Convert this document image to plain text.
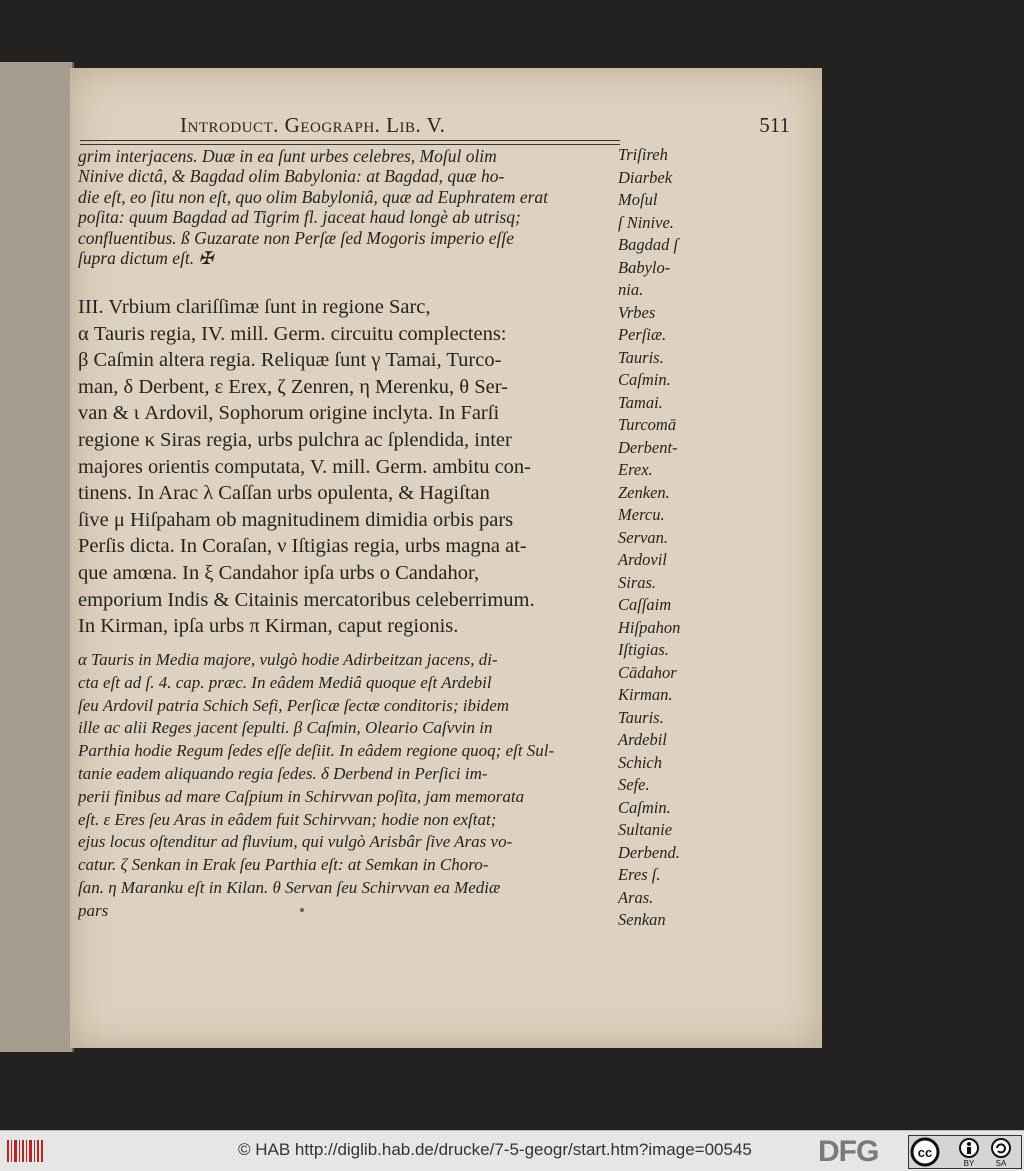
Introduct. Geograph. Lib. V.	511
grim interjacens. Duæ in ea ſunt urbes celebres, Moſul olim
Ninive dictâ, & Bagdad olim Babylonia: at Bagdad, quæ ho-
die eſt, eo ſitu non eſt, quo olim Babyloniâ, quæ ad Euphratem erat
poſita: quum Bagdad ad Tigrim fl. jaceat haud longè ab utrisq;
confluentibus. ß Guzarate non Perſæ ſed Mogoris imperio eſſe
ſupra dictum eſt. ✠
III. Vrbium clariſſimæ ſunt in regione Sarc,
α Tauris regia, IV. mill. Germ. circuitu complectens:
β Caſmin altera regia. Reliquæ ſunt γ Tamai, Turco-
man, δ Derbent, ε Erex, ζ Zenren, η Merenku, θ Ser-
van & ι Ardovil, Sophorum origine inclyta. In Farſi
regione κ Siras regia, urbs pulchra ac ſplendida, inter
majores orientis computata, V. mill. Germ. ambitu con-
tinens. In Arac λ Caſſan urbs opulenta, & Hagiſtan
ſive μ Hiſpaham ob magnitudinem dimidia orbis pars
Perſis dicta. In Coraſan, ν Iſtigias regia, urbs magna at-
que amœna. In ξ Candahor ipſa urbs ο Candahor,
emporium Indis & Citainis mercatoribus celeberrimum.
In Kirman, ipſa urbs π Kirman, caput regionis.
α Tauris in Media majore, vulgò hodie Adirbeitzan jacens, di-
cta eſt ad ſ. 4. cap. præc. In eâdem Mediâ quoque eſt Ardebil
ſeu Ardovil patria Schich Sefi, Perſicæ ſectæ conditoris; ibidem
ille ac alii Reges jacent ſepulti. β Caſmin, Oleario Caſvvin in
Parthia hodie Regum ſedes eſſe deſiit. In eâdem regione quoq; eſt Sul-
tanie eadem aliquando regia ſedes. δ Derbend in Perſici im-
perii finibus ad mare Caſpium in Schirvvan poſita, jam memorata
eſt. ε Eres ſeu Aras in eâdem fuit Schirvvan; hodie non exſtat;
ejus locus oſtenditur ad fluvium, qui vulgò Arisbâr ſive Aras vo-
catur. ζ Senkan in Erak ſeu Parthia eſt: at Semkan in Choro-
ſan. η Maranku eſt in Kilan. θ Servan ſeu Schirvvan ea Mediæ
pars
Triſireh
Diarbek
Moſul
ſ Ninive.
Bagdad ſ
Babylo-
nia.
Vrbes
Perſiæ.
Tauris.
Caſmin.
Tamai.
Turcomā
Derbent-
Erex.
Zenken.
Mercu.
Servan.
Ardovil
Siras.
Caſſaim
Hiſpahon
Iſtigias.
Cādahor
Kirman.
Tauris.
Ardebil
Schich
Sefe.
Caſmin.
Sultanie
Derbend.
Eres ſ.
Aras.
Senkan
© HAB http://diglib.hab.de/drucke/7-5-geogr/start.htm?image=00545 DFG	cc
BY	SA
